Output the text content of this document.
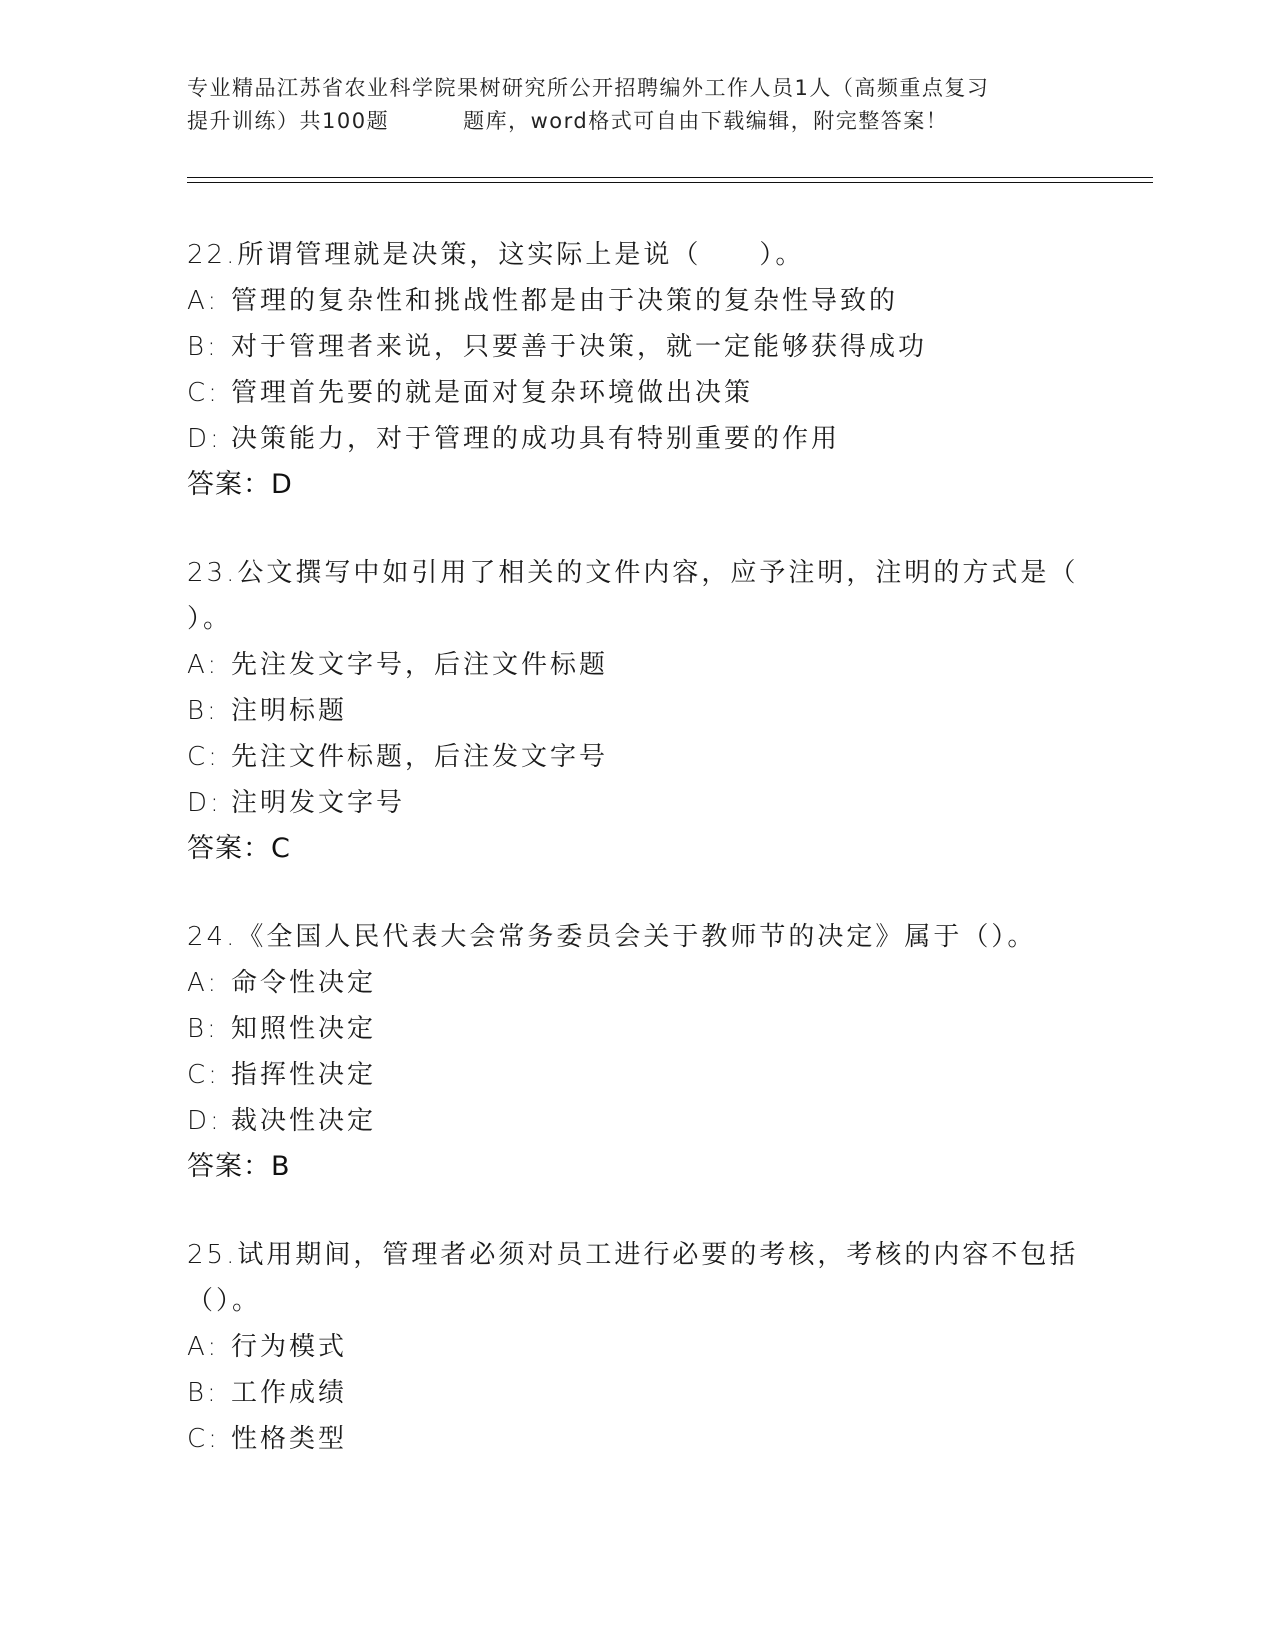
专业精品江苏省农业科学院果树研究所公开招聘编外工作人员1人（高频重点复习
提升训练）共100题	题库，word格式可自由下载编辑，附完整答案！
22.所谓管理就是决策，这实际上是说（　　）。
A: 管理的复杂性和挑战性都是由于决策的复杂性导致的
B: 对于管理者来说，只要善于决策，就一定能够获得成功
C: 管理首先要的就是面对复杂环境做出决策
D: 决策能力，对于管理的成功具有特别重要的作用
答案：D
23.公文撰写中如引用了相关的文件内容，应予注明，注明的方式是（
）。
A: 先注发文字号，后注文件标题
B: 注明标题
C: 先注文件标题，后注发文字号
D: 注明发文字号
答案：C
24.《全国人民代表大会常务委员会关于教师节的决定》属于（）。
A: 命令性决定
B: 知照性决定
C: 指挥性决定
D: 裁决性决定
答案：B
25.试用期间，管理者必须对员工进行必要的考核，考核的内容不包括
（）。
A: 行为模式
B: 工作成绩
C: 性格类型
